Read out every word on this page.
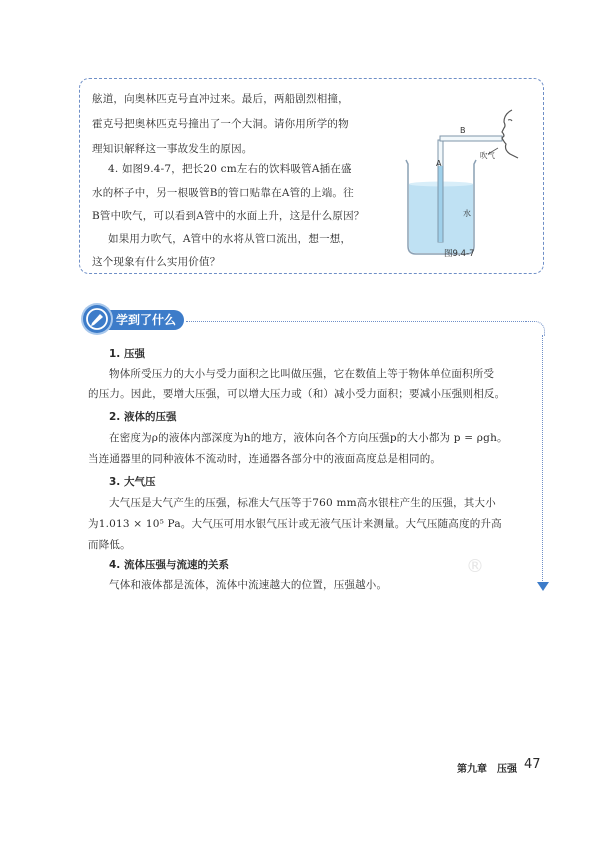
舷道，向奥林匹克号直冲过来。最后，两船剧烈相撞，
霍克号把奥林匹克号撞出了一个大洞。请你用所学的物
理知识解释这一事故发生的原因。
4. 如图9.4-7，把长20 cm左右的饮料吸管A插在盛
水的杯子中，另一根吸管B的管口贴靠在A管的上端。往
B管中吹气，可以看到A管中的水面上升，这是什么原因？
如果用力吹气，A管中的水将从管口流出，想一想，
这个现象有什么实用价值？
B
A
吹气
水
图9.4-7
学到了什么
®
1. 压强
物体所受压力的大小与受力面积之比叫做压强，它在数值上等于物体单位面积所受
的压力。因此，要增大压强，可以增大压力或（和）减小受力面积；要减小压强则相反。
2. 液体的压强
在密度为ρ的液体内部深度为h的地方，液体向各个方向压强p的大小都为 p = ρgh。
当连通器里的同种液体不流动时，连通器各部分中的液面高度总是相同的。
3. 大气压
大气压是大气产生的压强，标准大气压等于760 mm高水银柱产生的压强，其大小
为1.013 × 10⁵ Pa。大气压可用水银气压计或无液气压计来测量。大气压随高度的升高
而降低。
4. 流体压强与流速的关系
气体和液体都是流体，流体中流速越大的位置，压强越小。
第九章　压强 47
